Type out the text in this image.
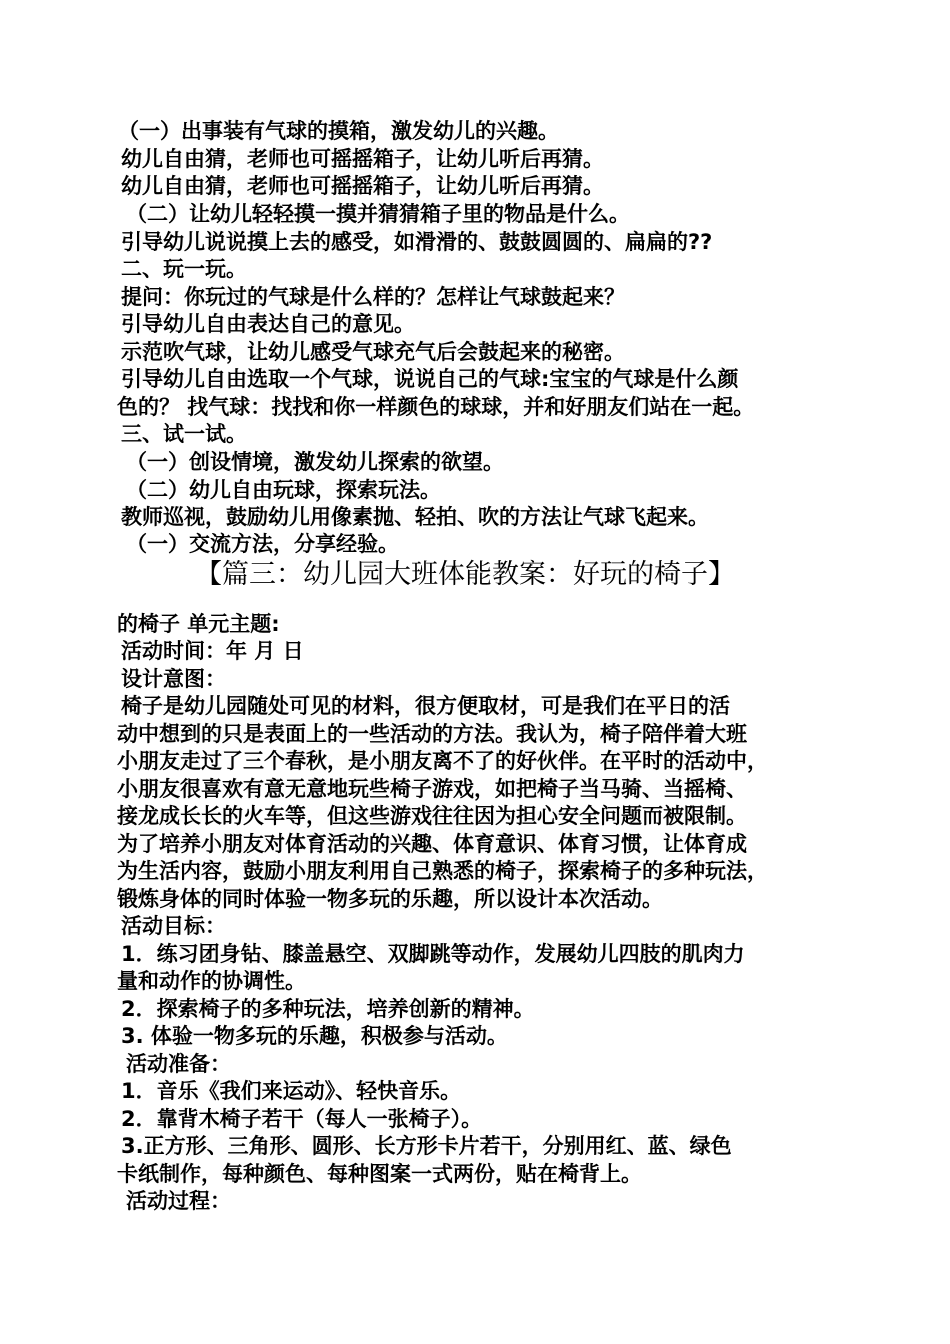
（一）出事装有气球的摸箱，激发幼儿的兴趣。
幼儿自由猜，老师也可摇摇箱子，让幼儿听后再猜。
幼儿自由猜，老师也可摇摇箱子，让幼儿听后再猜。
（二）让幼儿轻轻摸一摸并猜猜箱子里的物品是什么。
引导幼儿说说摸上去的感受，如滑滑的、鼓鼓圆圆的、扁扁的??
二、玩一玩。
提问：你玩过的气球是什么样的？怎样让气球鼓起来？
引导幼儿自由表达自己的意见。
示范吹气球，让幼儿感受气球充气后会鼓起来的秘密。
引导幼儿自由选取一个气球，说说自己的气球:宝宝的气球是什么颜
色的？ 找气球：找找和你一样颜色的球球，并和好朋友们站在一起。
三、试一试。
（一）创设情境，激发幼儿探索的欲望。
（二）幼儿自由玩球，探索玩法。
教师巡视，鼓励幼儿用像素抛、轻拍、吹的方法让气球飞起来。
（一）交流方法，分享经验。
【篇三：幼儿园大班体能教案：好玩的椅子】
的椅子 单元主题:
活动时间：年 月 日
设计意图：
椅子是幼儿园随处可见的材料，很方便取材，可是我们在平日的活
动中想到的只是表面上的一些活动的方法。我认为，椅子陪伴着大班
小朋友走过了三个春秋，是小朋友离不了的好伙伴。在平时的活动中，
小朋友很喜欢有意无意地玩些椅子游戏，如把椅子当马骑、当摇椅、
接龙成长长的火车等，但这些游戏往往因为担心安全问题而被限制。
为了培养小朋友对体育活动的兴趣、体育意识、体育习惯，让体育成
为生活内容，鼓励小朋友利用自己熟悉的椅子，探索椅子的多种玩法，
锻炼身体的同时体验一物多玩的乐趣，所以设计本次活动。
活动目标：
1．练习团身钻、膝盖悬空、双脚跳等动作，发展幼儿四肢的肌肉力
量和动作的协调性。
2．探索椅子的多种玩法，培养创新的精神。
3. 体验一物多玩的乐趣，积极参与活动。
活动准备：
1．音乐《我们来运动》、轻快音乐。
2．靠背木椅子若干（每人一张椅子）。
3.正方形、三角形、圆形、长方形卡片若干，分别用红、蓝、绿色
卡纸制作，每种颜色、每种图案一式两份，贴在椅背上。
活动过程：
